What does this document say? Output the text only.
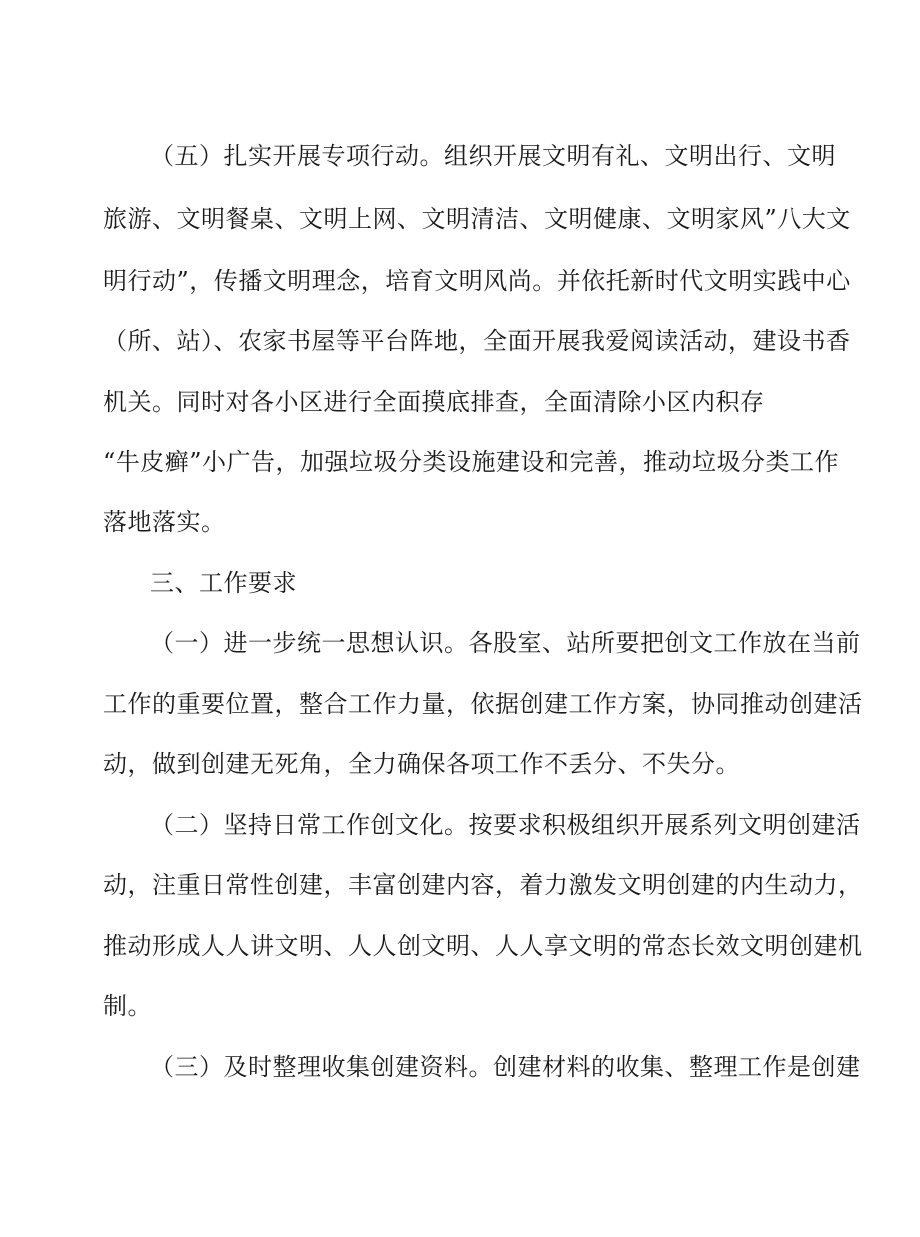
（五）扎实开展专项行动。组织开展文明有礼、文明出行、文明
旅游、文明餐桌、文明上网、文明清洁、文明健康、文明家风”八大文
明行动”，传播文明理念，培育文明风尚。并依托新时代文明实践中心
（所、站）、农家书屋等平台阵地，全面开展我爱阅读活动，建设书香
机关。同时对各小区进行全面摸底排查，全面清除小区内积存
“牛皮癣”小广告，加强垃圾分类设施建设和完善，推动垃圾分类工作
落地落实。
三、工作要求
（一）进一步统一思想认识。各股室、站所要把创文工作放在当前
工作的重要位置，整合工作力量，依据创建工作方案，协同推动创建活
动，做到创建无死角，全力确保各项工作不丢分、不失分。
（二）坚持日常工作创文化。按要求积极组织开展系列文明创建活
动，注重日常性创建，丰富创建内容，着力激发文明创建的内生动力，
推动形成人人讲文明、人人创文明、人人享文明的常态长效文明创建机
制。
（三）及时整理收集创建资料。创建材料的收集、整理工作是创建
